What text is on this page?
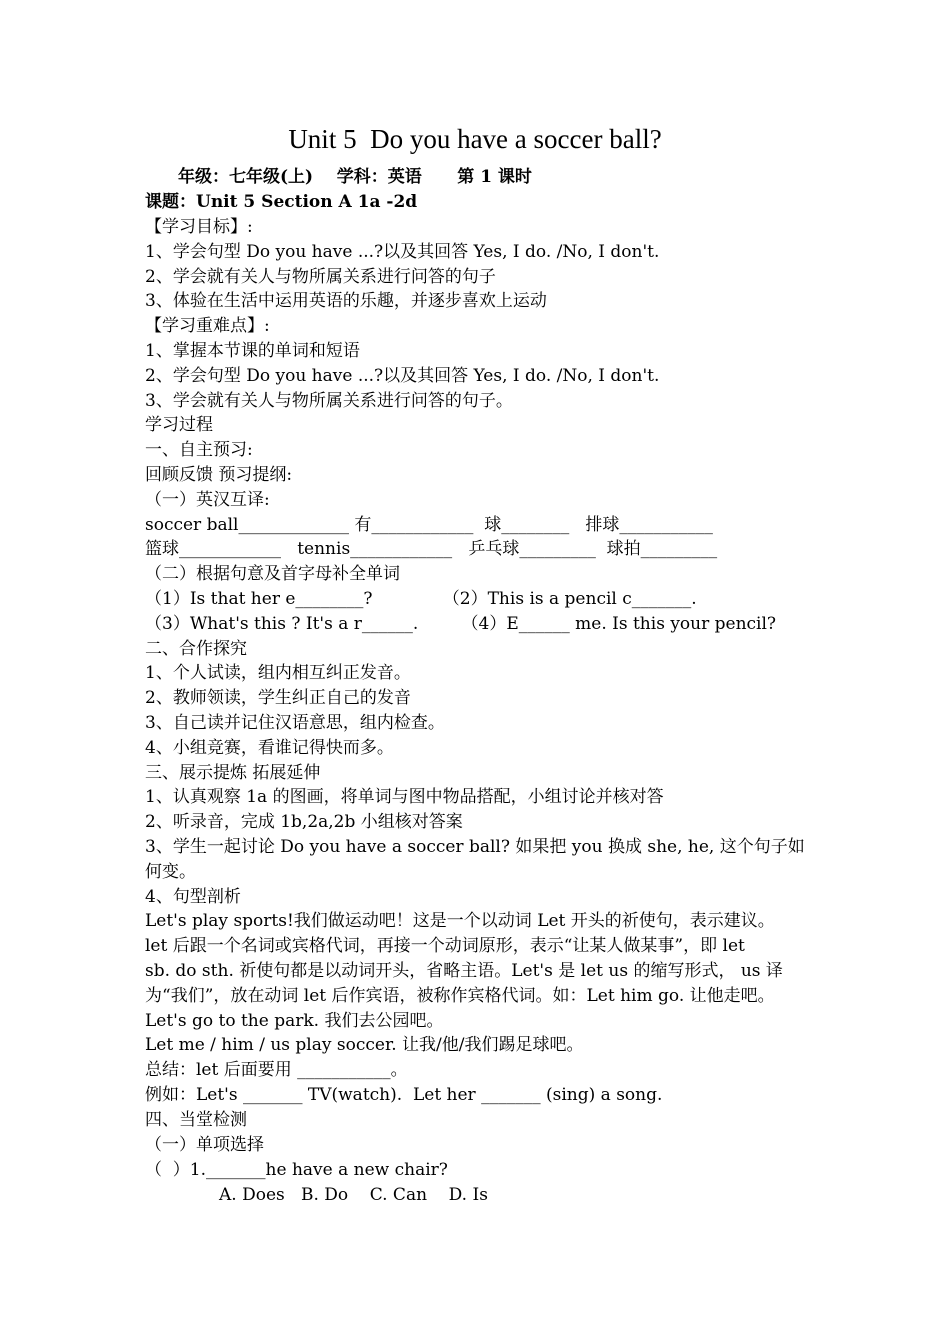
Unit 5  Do you have a soccer ball?
年级：七年级(上)    学科：英语      第 1 课时
课题：Unit 5 Section A 1a -2d
【学习目标】:
1、学会句型 Do you have ...?以及其回答 Yes, I do. /No, I don't.
2、学会就有关人与物所属关系进行问答的句子
3、体验在生活中运用英语的乐趣，并逐步喜欢上运动
【学习重难点】:
1、掌握本节课的单词和短语
2、学会句型 Do you have ...?以及其回答 Yes, I do. /No, I don't.
3、学会就有关人与物所属关系进行问答的句子。
学习过程
一、自主预习:
回顾反馈 预习提纲:
（一）英汉互译:
soccer ball_____________ 有____________  球________   排球___________
篮球____________   tennis____________   乒乓球_________  球拍_________
（二）根据句意及首字母补全单词
（1）Is that her e________?             （2）This is a pencil c_______.
（3）What's this ? It's a r______.        （4）E______ me. Is this your pencil?
二、合作探究
1、个人试读，组内相互纠正发音。
2、教师领读，学生纠正自己的发音
3、自己读并记住汉语意思，组内检查。
4、小组竞赛，看谁记得快而多。
三、展示提炼 拓展延伸
1、认真观察 1a 的图画，将单词与图中物品搭配，小组讨论并核对答
2、听录音，完成 1b,2a,2b 小组核对答案
3、学生一起讨论 Do you have a soccer ball? 如果把 you 换成 she, he, 这个句子如
何变。
4、句型剖析
Let's play sports!我们做运动吧！这是一个以动词 Let 开头的祈使句，表示建议。
let 后跟一个名词或宾格代词，再接一个动词原形，表示“让某人做某事”，即 let
sb. do sth. 祈使句都是以动词开头，省略主语。Let's 是 let us 的缩写形式， us 译
为“我们”，放在动词 let 后作宾语，被称作宾格代词。如：Let him go. 让他走吧。
Let's go to the park. 我们去公园吧。
Let me / him / us play soccer. 让我/他/我们踢足球吧。
总结：let 后面要用 ___________。
例如：Let's _______ TV(watch).  Let her _______ (sing) a song.
四、当堂检测
（一）单项选择
（  ）1._______he have a new chair?
A. Does   B. Do    C. Can    D. Is
